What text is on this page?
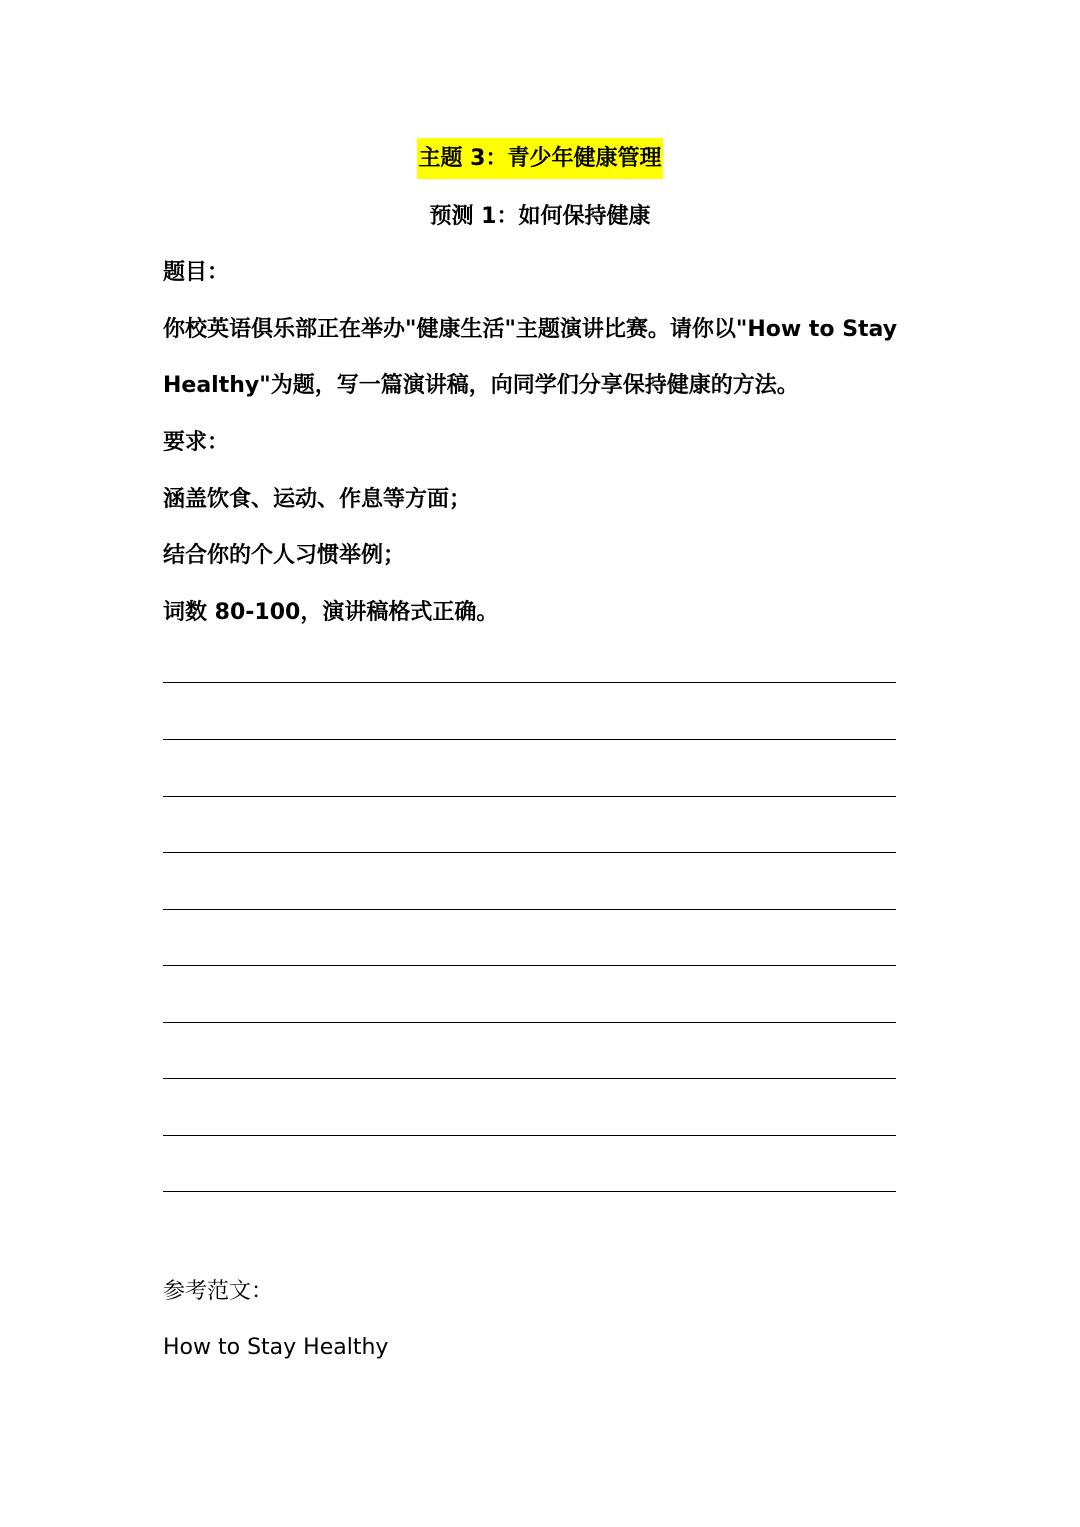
主题 3：青少年健康管理
预测 1：如何保持健康
题目：
你校英语俱乐部正在举办"健康生活"主题演讲比赛。请你以"How to Stay
Healthy"为题，写一篇演讲稿，向同学们分享保持健康的方法。
要求：
涵盖饮食、运动、作息等方面；
结合你的个人习惯举例；
词数 80-100，演讲稿格式正确。
参考范文：
How to Stay Healthy
